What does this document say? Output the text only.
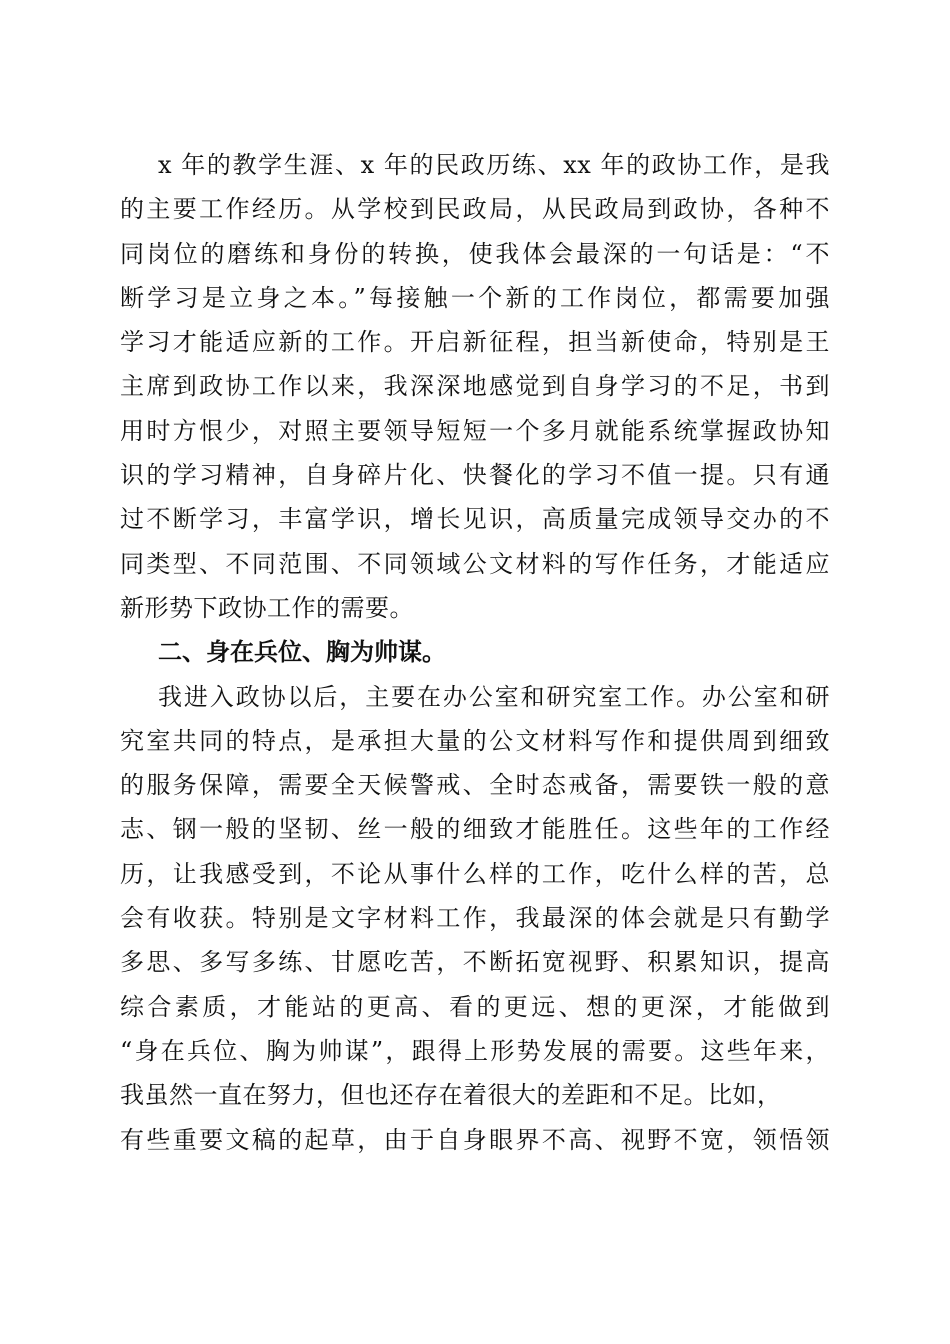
x 年的教学生涯、x 年的民政历练、xx 年的政协工作，是我
的主要工作经历。从学校到民政局，从民政局到政协，各种不
同岗位的磨练和身份的转换，使我体会最深的一句话是：“不
断学习是立身之本。”每接触一个新的工作岗位，都需要加强
学习才能适应新的工作。开启新征程，担当新使命，特别是王
主席到政协工作以来，我深深地感觉到自身学习的不足，书到
用时方恨少，对照主要领导短短一个多月就能系统掌握政协知
识的学习精神，自身碎片化、快餐化的学习不值一提。只有通
过不断学习，丰富学识，增长见识，高质量完成领导交办的不
同类型、不同范围、不同领域公文材料的写作任务，才能适应
新形势下政协工作的需要。
二、身在兵位、胸为帅谋。
我进入政协以后，主要在办公室和研究室工作。办公室和研
究室共同的特点，是承担大量的公文材料写作和提供周到细致
的服务保障，需要全天候警戒、全时态戒备，需要铁一般的意
志、钢一般的坚韧、丝一般的细致才能胜任。这些年的工作经
历，让我感受到，不论从事什么样的工作，吃什么样的苦，总
会有收获。特别是文字材料工作，我最深的体会就是只有勤学
多思、多写多练、甘愿吃苦，不断拓宽视野、积累知识，提高
综合素质，才能站的更高、看的更远、想的更深，才能做到
“身在兵位、胸为帅谋”，跟得上形势发展的需要。这些年来，
我虽然一直在努力，但也还存在着很大的差距和不足。比如，
有些重要文稿的起草，由于自身眼界不高、视野不宽，领悟领
